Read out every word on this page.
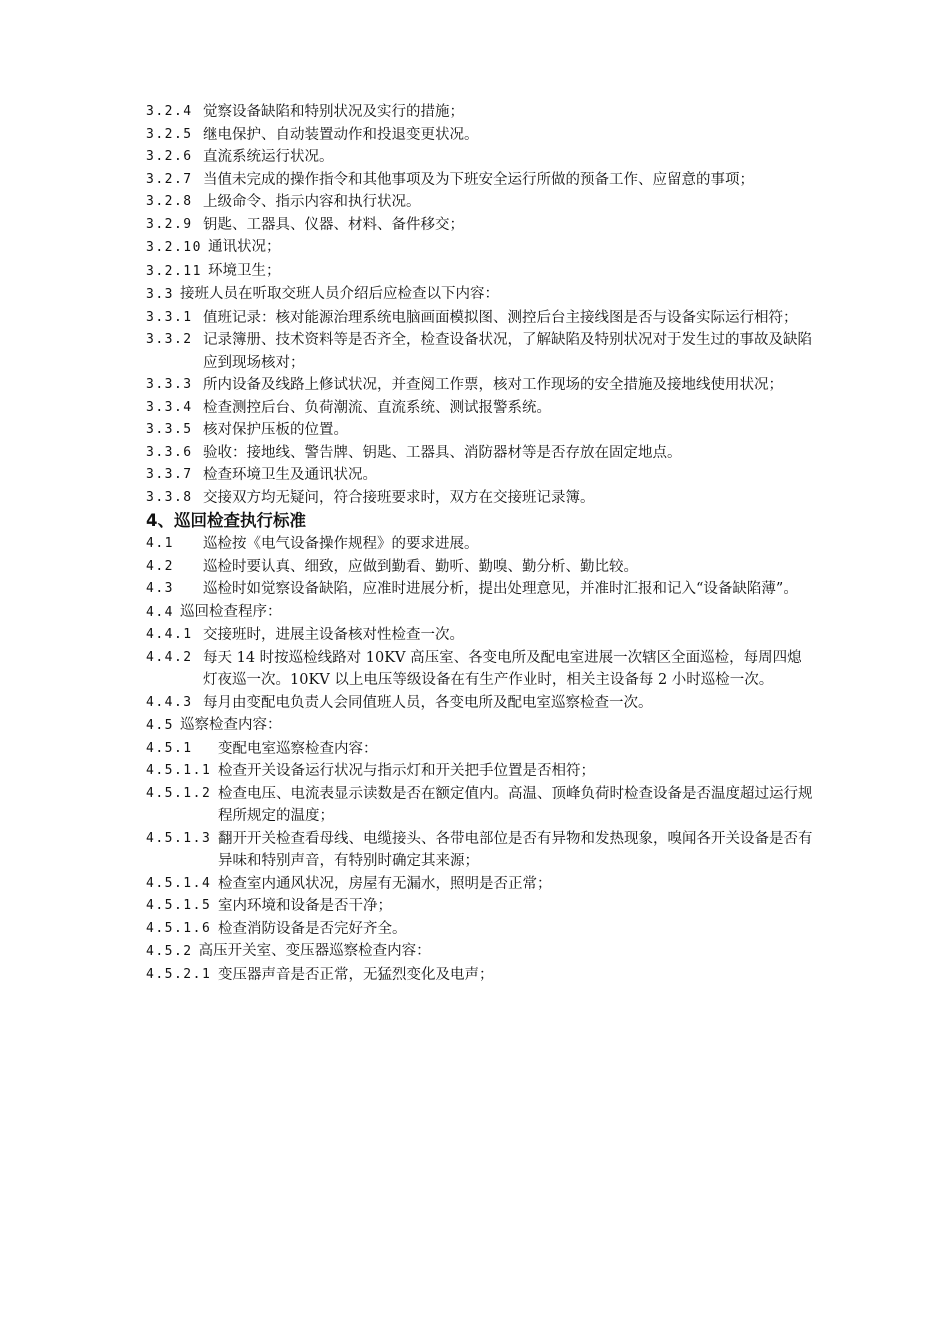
3.2.4 觉察设备缺陷和特别状况及实行的措施；
3.2.5 继电保护、自动装置动作和投退变更状况。
3.2.6 直流系统运行状况。
3.2.7 当值未完成的操作指令和其他事项及为下班安全运行所做的预备工作、应留意的事项；
3.2.8 上级命令、指示内容和执行状况。
3.2.9 钥匙、工器具、仪器、材料、备件移交；
3.2.10 通讯状况；
3.2.11 环境卫生；
3.3 接班人员在听取交班人员介绍后应检查以下内容：
3.3.1 值班记录：核对能源治理系统电脑画面模拟图、测控后台主接线图是否与设备实际运行相符；
3.3.2 记录簿册、技术资料等是否齐全，检查设备状况，了解缺陷及特别状况对于发生过的事故及缺陷应到现场核对；
3.3.3 所内设备及线路上修试状况，并查阅工作票，核对工作现场的安全措施及接地线使用状况；
3.3.4 检查测控后台、负荷潮流、直流系统、测试报警系统。
3.3.5 核对保护压板的位置。
3.3.6 验收：接地线、警告牌、钥匙、工器具、消防器材等是否存放在固定地点。
3.3.7 检查环境卫生及通讯状况。
3.3.8 交接双方均无疑问，符合接班要求时，双方在交接班记录簿。
4、巡回检查执行标准
4.1	巡检按《电气设备操作规程》的要求进展。
4.2	巡检时要认真、细致，应做到勤看、勤听、勤嗅、勤分析、勤比较。
4.3	巡检时如觉察设备缺陷，应准时进展分析，提出处理意见，并准时汇报和记入“设备缺陷薄”。
4.4 巡回检查程序：
4.4.1 交接班时，进展主设备核对性检查一次。
4.4.2 每天 14 时按巡检线路对 10KV 高压室、各变电所及配电室进展一次辖区全面巡检，每周四熄灯夜巡一次。10KV 以上电压等级设备在有生产作业时，相关主设备每 2 小时巡检一次。
4.4.3 每月由变配电负责人会同值班人员，各变电所及配电室巡察检查一次。
4.5 巡察检查内容：
4.5.1	变配电室巡察检查内容：
4.5.1.1 检查开关设备运行状况与指示灯和开关把手位置是否相符；
4.5.1.2 检查电压、电流表显示读数是否在额定值内。高温、顶峰负荷时检查设备是否温度超过运行规程所规定的温度；
4.5.1.3 翻开开关检查看母线、电缆接头、各带电部位是否有异物和发热现象，嗅闻各开关设备是否有异味和特别声音，有特别时确定其来源；
4.5.1.4 检查室内通风状况，房屋有无漏水，照明是否正常；
4.5.1.5 室内环境和设备是否干净；
4.5.1.6 检查消防设备是否完好齐全。
4.5.2 高压开关室、变压器巡察检查内容：
4.5.2.1 变压器声音是否正常，无猛烈变化及电声；
